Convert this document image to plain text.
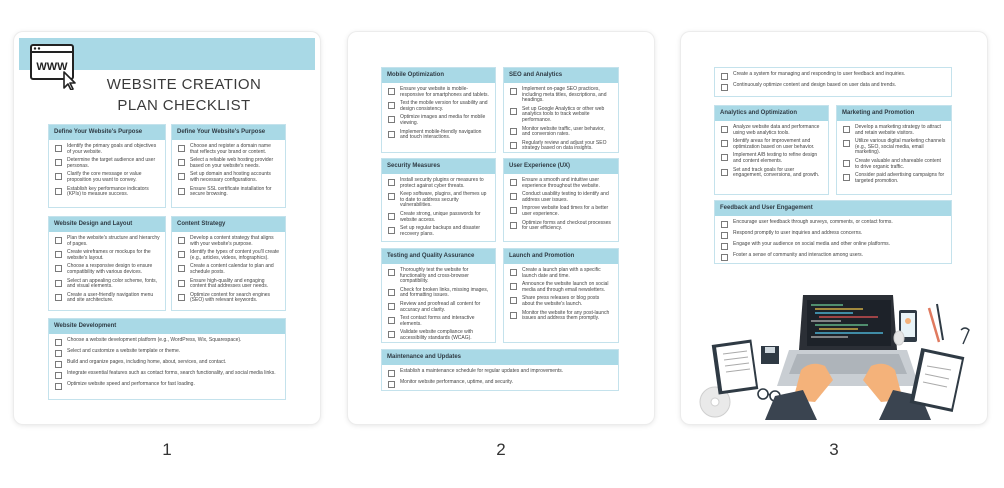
WWW
WEBSITE CREATION
PLAN CHECKLIST
Define Your Website's Purpose
Identify the primary goals and objectives of your website.
Determine the target audience and user personas.
Clarify the core message or value proposition you want to convey.
Establish key performance indicators (KPIs) to measure success.
Define Your Website's Purpose
Choose and register a domain name that reflects your brand or content.
Select a reliable web hosting provider based on your website's needs.
Set up domain and hosting accounts with necessary configurations.
Ensure SSL certificate installation for secure browsing.
Website Design and Layout
Plan the website's structure and hierarchy of pages.
Create wireframes or mockups for the website's layout.
Choose a responsive design to ensure compatibility with various devices.
Select an appealing color scheme, fonts, and visual elements.
Create a user-friendly navigation menu and site architecture.
Content Strategy
Develop a content strategy that aligns with your website's purpose.
Identify the types of content you'll create (e.g., articles, videos, infographics).
Create a content calendar to plan and schedule posts.
Ensure high-quality and engaging content that addresses user needs.
Optimize content for search engines (SEO) with relevant keywords.
Website Development
Choose a website development platform (e.g., WordPress, Wix, Squarespace).
Select and customize a website template or theme.
Build and organize pages, including home, about, services, and contact.
Integrate essential features such as contact forms, search functionality, and social media links.
Optimize website speed and performance for fast loading.
1
Mobile Optimization
Ensure your website is mobile-responsive for smartphones and tablets.
Test the mobile version for usability and design consistency.
Optimize images and media for mobile viewing.
Implement mobile-friendly navigation and touch interactions.
SEO and Analytics
Implement on-page SEO practices, including meta titles, descriptions, and headings.
Set up Google Analytics or other web analytics tools to track website performance.
Monitor website traffic, user behavior, and conversion rates.
Regularly review and adjust your SEO strategy based on data insights.
Security Measures
Install security plugins or measures to protect against cyber threats.
Keep software, plugins, and themes up to date to address security vulnerabilities.
Create strong, unique passwords for website access.
Set up regular backups and disaster recovery plans.
User Experience (UX)
Ensure a smooth and intuitive user experience throughout the website.
Conduct usability testing to identify and address user issues.
Improve website load times for a better user experience.
Optimize forms and checkout processes for user efficiency.
Testing and Quality Assurance
Thoroughly test the website for functionality and cross-browser compatibility.
Check for broken links, missing images, and formatting issues.
Review and proofread all content for accuracy and clarity.
Test contact forms and interactive elements.
Validate website compliance with accessibility standards (WCAG).
Launch and Promotion
Create a launch plan with a specific launch date and time.
Announce the website launch on social media and through email newsletters.
Share press releases or blog posts about the website's launch.
Monitor the website for any post-launch issues and address them promptly.
Maintenance and Updates
Establish a maintenance schedule for regular updates and improvements.
Monitor website performance, uptime, and security.
2
Create a system for managing and responding to user feedback and inquiries.
Continuously optimize content and design based on user data and trends.
Analytics and Optimization
Analyze website data and performance using web analytics tools.
Identify areas for improvement and optimization based on user behavior.
Implement A/B testing to refine design and content elements.
Set and track goals for user engagement, conversions, and growth.
Marketing and Promotion
Develop a marketing strategy to attract and retain website visitors.
Utilize various digital marketing channels (e.g., SEO, social media, email marketing).
Create valuable and shareable content to drive organic traffic.
Consider paid advertising campaigns for targeted promotion.
Feedback and User Engagement
Encourage user feedback through surveys, comments, or contact forms.
Respond promptly to user inquiries and address concerns.
Engage with your audience on social media and other online platforms.
Foster a sense of community and interaction among users.
3
